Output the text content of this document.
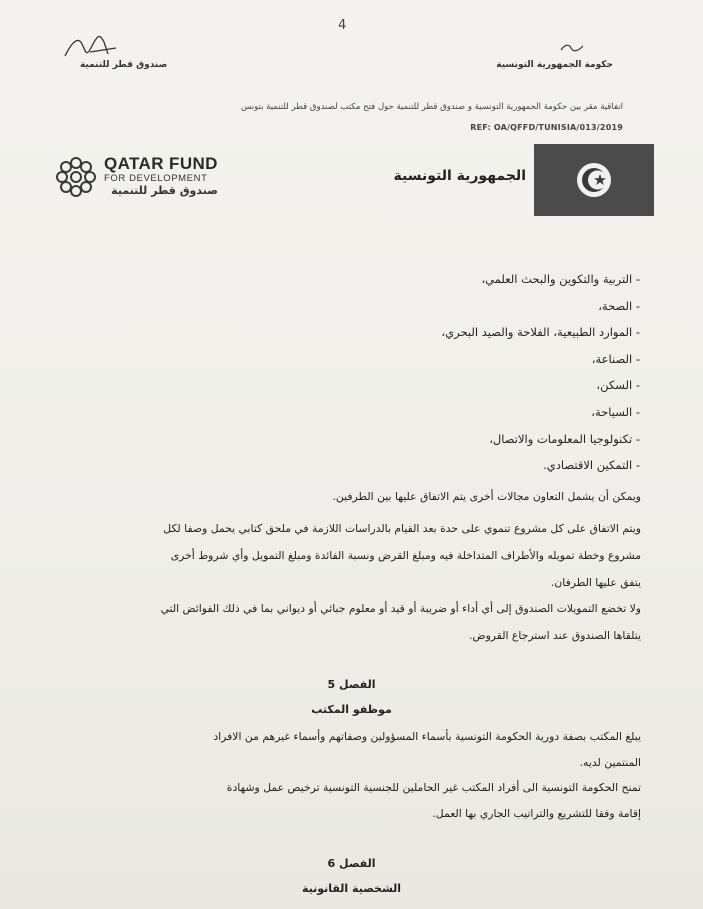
4
صندوق قطر للتنمية	حكومة الجمهورية التونسية
اتفاقية مقر بين حكومة الجمهورية التونسية و صندوق قطر للتنمية حول فتح مكتب لصندوق قطر للتنمية بتونس
REF: OA/QFFD/TUNISIA/013/2019
QATAR FUND
FOR DEVELOPMENT
صندوق قطر للتنمية
الجمهورية التونسية
- التربية والتكوين والبحث العلمي،
- الصحة،
- الموارد الطبيعية، الفلاحة والصيد البحري،
- الصناعة،
- السكن،
- السياحة،
- تكنولوجيا المعلومات والاتصال،
- التمكين الاقتصادي.
ويمكن أن يشمل التعاون مجالات أخرى يتم الاتفاق عليها بين الطرفين.
ويتم الاتفاق على كل مشروع تنموي على حدة بعد القيام بالدراسات اللازمة في ملحق كتابي يحمل وصفا لكل
مشروع وخطة تمويله والأطراف المتداخلة فيه ومبلغ القرض ونسبة الفائدة ومبلغ التمويل وأي شروط أخرى
يتفق عليها الطرفان.
ولا تخضع التمويلات الصندوق إلى أي أداء أو ضريبة أو قيد أو معلوم جبائي أو ديواني بما في ذلك الفوائض التي
يتلقاها الصندوق عند استرجاع القروض.
الفصل 5
موظفو المكتب
يبلغ المكتب بصفة دورية الحكومة التونسية بأسماء المسؤولين وصفاتهم وأسماء غيرهم من الافراد
المنتمين لديه.
تمنح الحكومة التونسية الى أفراد المكتب غير الحاملين للجنسية التونسية ترخيص عمل وشهادة
إقامة وفقا للتشريع والتراتيب الجاري بها العمل.
الفصل 6
الشخصية القانونية
